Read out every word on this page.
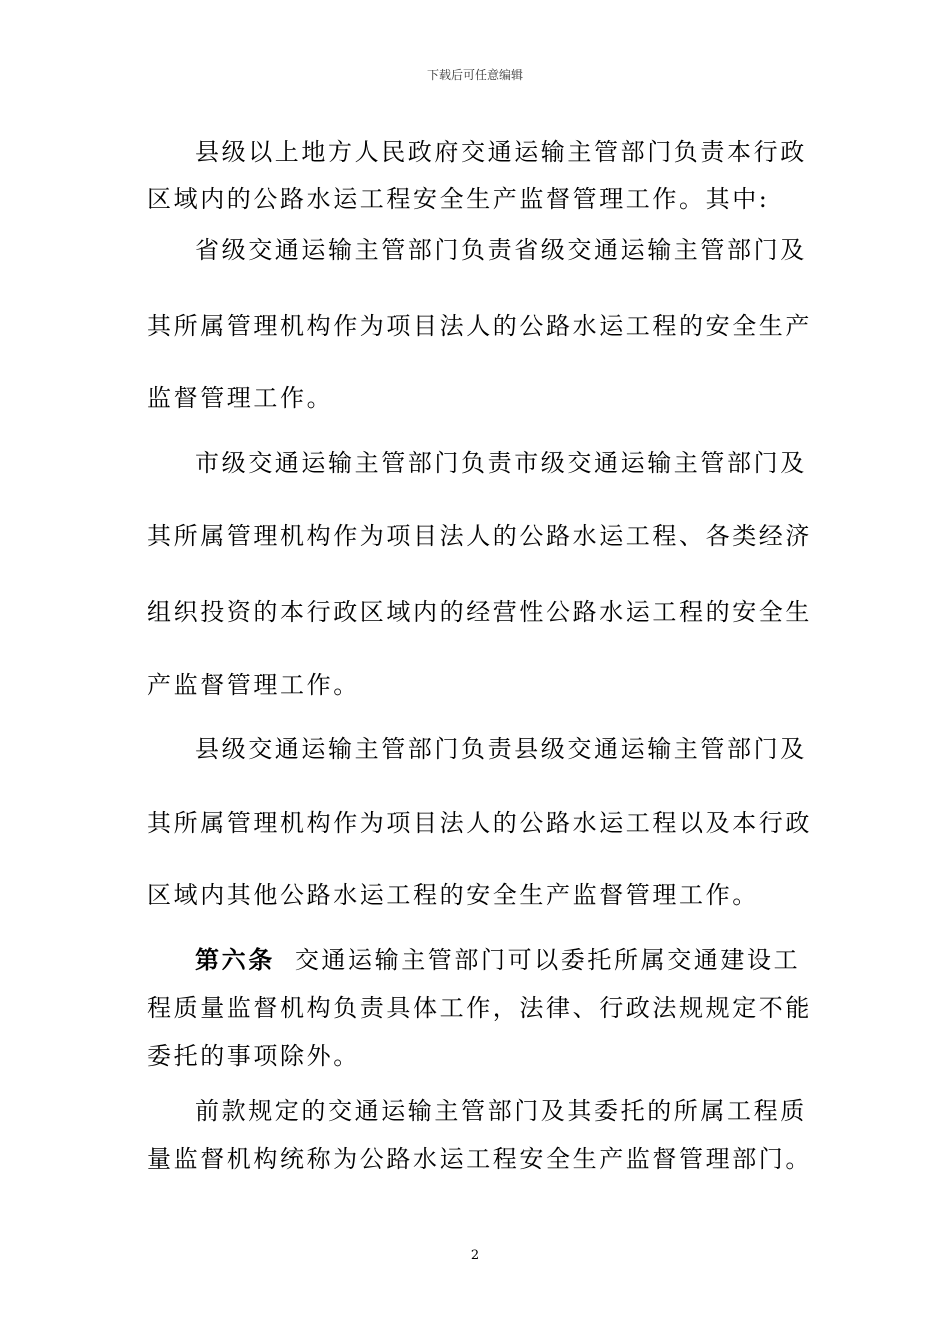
下载后可任意编辑
县级以上地方人民政府交通运输主管部门负责本行政
区域内的公路水运工程安全生产监督管理工作。其中:
省级交通运输主管部门负责省级交通运输主管部门及
其所属管理机构作为项目法人的公路水运工程的安全生产
监督管理工作。
市级交通运输主管部门负责市级交通运输主管部门及
其所属管理机构作为项目法人的公路水运工程、各类经济
组织投资的本行政区域内的经营性公路水运工程的安全生
产监督管理工作。
县级交通运输主管部门负责县级交通运输主管部门及
其所属管理机构作为项目法人的公路水运工程以及本行政
区域内其他公路水运工程的安全生产监督管理工作。
第六条 交通运输主管部门可以委托所属交通建设工
程质量监督机构负责具体工作，法律、行政法规规定不能
委托的事项除外。
前款规定的交通运输主管部门及其委托的所属工程质
量监督机构统称为公路水运工程安全生产监督管理部门。
2
